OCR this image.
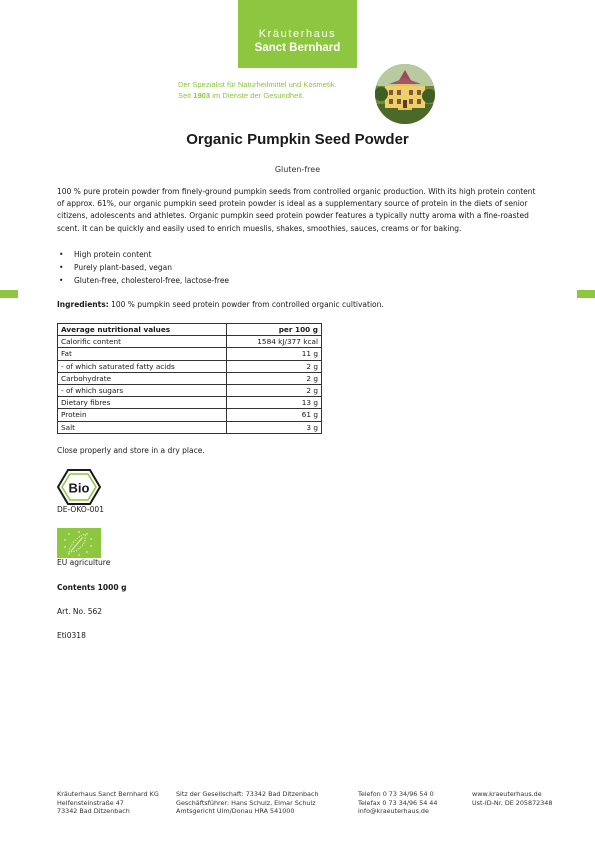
Kräuterhaus
Sanct Bernhard
Der Spezialist für Naturheilmittel und Kosmetik.
Seit 1903 im Dienste der Gesundheit.
Organic Pumpkin Seed Powder
Gluten-free

100 % pure protein powder from finely-ground pumpkin seeds from controlled organic production. With its high protein content of approx. 61%, our organic pumpkin seed protein powder is ideal as a supplementary source of protein in the diets of senior citizens, adolescents and athletes. Organic pumpkin seed protein powder features a typically nutty aroma with a fine-roasted scent. It can be quickly and easily used to enrich mueslis, shakes, smoothies, sauces, creams or for baking.

• High protein content
• Purely plant-based, vegan
• Gluten-free, cholesterol-free, lactose-free

Ingredients: 100 % pumpkin seed protein powder from controlled organic cultivation.

Average nutritional values	per 100 g
Calorific content	1584 kJ/377 kcal
Fat	11 g
- of which saturated fatty acids	2 g
Carbohydrate	2 g
- of which sugars	2 g
Dietary fibres	13 g
Protein	61 g
Salt	3 g
Close properly and store in a dry place.
Bio
DE-ÖKO-001
EU agriculture
Contents 1000 g
Art. No. 562
Eti0318
Kräuterhaus Sanct Bernhard KG
Helfensteinstraße 47
73342 Bad Ditzenbach
Sitz der Gesellschaft: 73342 Bad Ditzenbach
Geschäftsführer: Hans Schulz, Elmar Schulz
Amtsgericht Ulm/Donau HRA 541000
Telefon 0 73 34/96 54 0
Telefax 0 73 34/96 54 44
info@kraeuterhaus.de
www.kraeuterhaus.de
Ust-ID-Nr. DE 205872348
